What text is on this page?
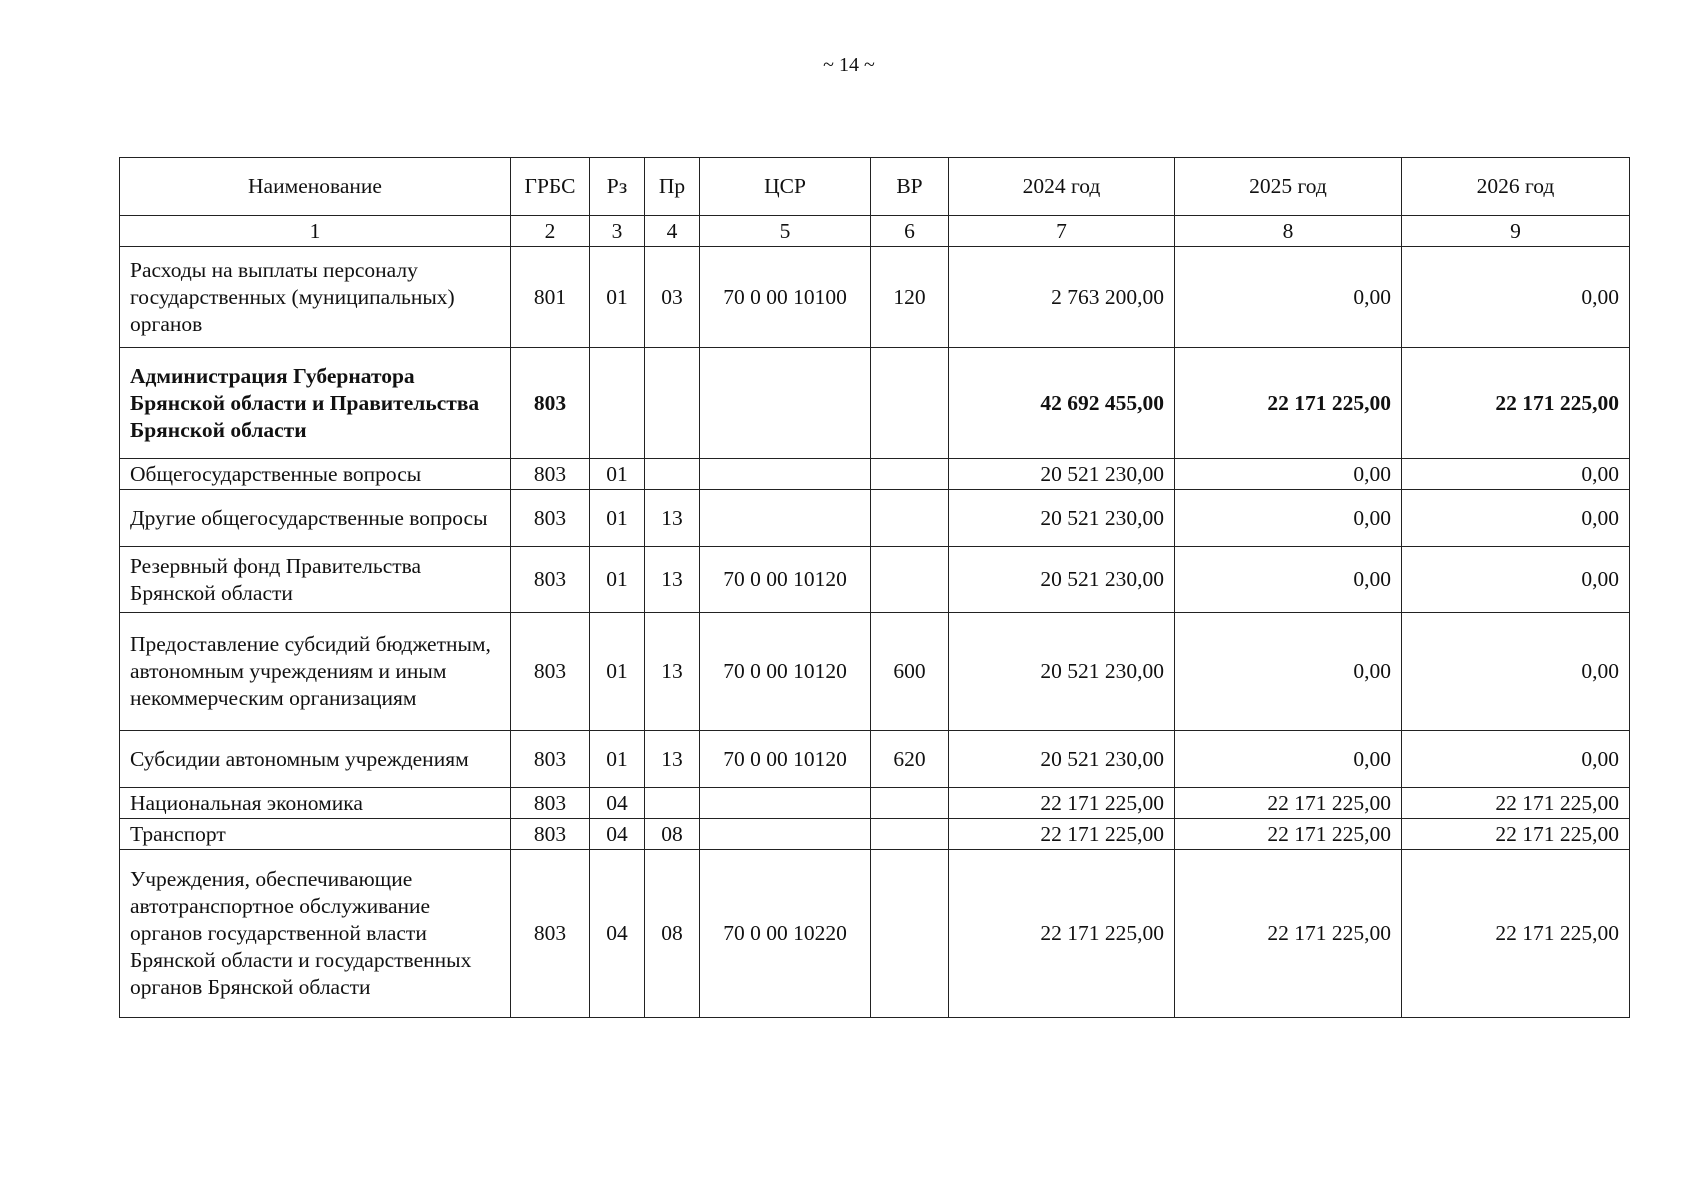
~ 14 ~
Наименование	ГРБС	Рз	Пр	ЦСР	ВР	2024 год	2025 год	2026 год
1	2	3	4	5	6	7	8	9
Расходы на выплаты персоналу государственных (муниципальных) органов	801	01	03	70 0 00 10100	120	2 763 200,00	0,00	0,00
Администрация Губернатора Брянской области и Правительства Брянской области	803					42 692 455,00	22 171 225,00	22 171 225,00
Общегосударственные вопросы	803	01				20 521 230,00	0,00	0,00
Другие общегосударственные вопросы	803	01	13			20 521 230,00	0,00	0,00
Резервный фонд Правительства Брянской области	803	01	13	70 0 00 10120		20 521 230,00	0,00	0,00
Предоставление субсидий бюджетным, автономным учреждениям и иным некоммерческим организациям	803	01	13	70 0 00 10120	600	20 521 230,00	0,00	0,00
Субсидии автономным учреждениям	803	01	13	70 0 00 10120	620	20 521 230,00	0,00	0,00
Национальная экономика	803	04				22 171 225,00	22 171 225,00	22 171 225,00
Транспорт	803	04	08			22 171 225,00	22 171 225,00	22 171 225,00
Учреждения, обеспечивающие автотранспортное обслуживание органов государственной власти Брянской области и государственных органов Брянской области	803	04	08	70 0 00 10220		22 171 225,00	22 171 225,00	22 171 225,00
